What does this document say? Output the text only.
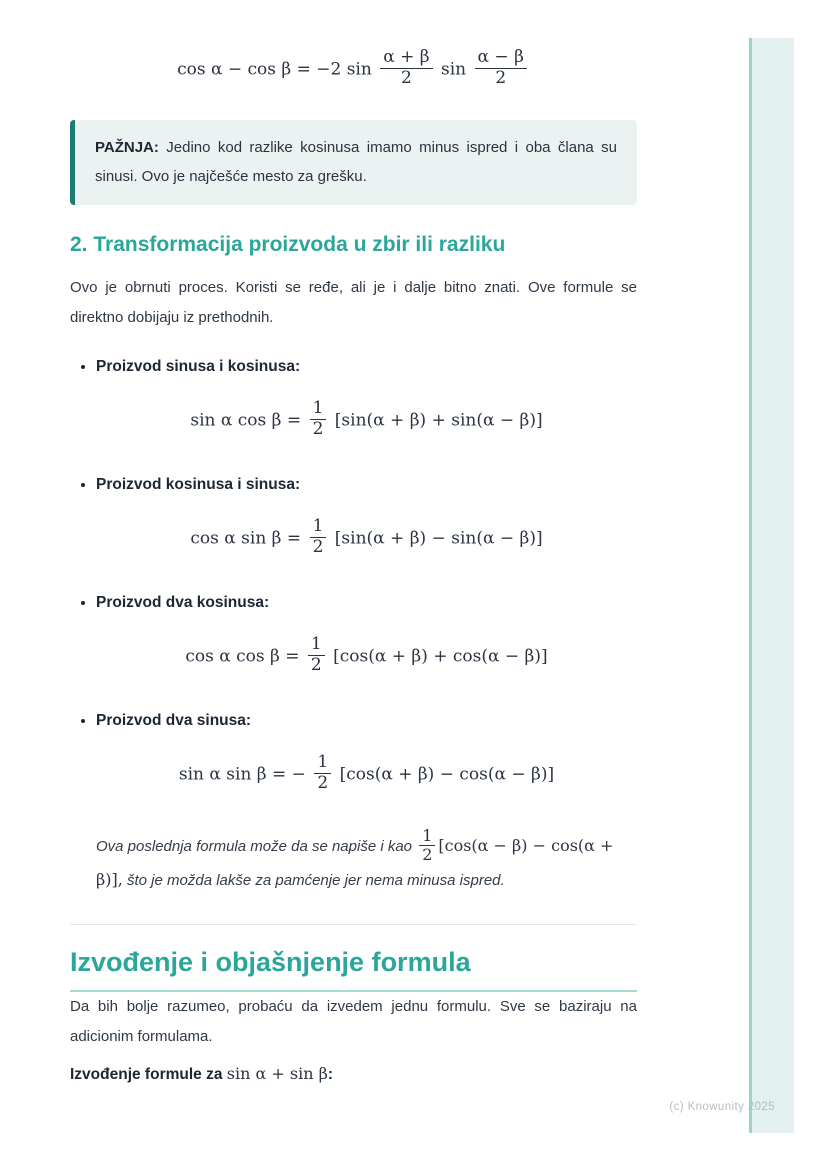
cos α − cos β = −2 $\sin \frac{\alpha + \beta}{2}$ $\sin \frac{\alpha - \beta}{2}$
PAŽNJA: Jedino kod razlike kosinusa imamo minus ispred i oba člana su sinusi. Ovo je najčešće mesto za grešku.
2. Transformacija proizvoda u zbir ili razliku

Ovo je obrnuti proces. Koristi se ređe, ali je i dalje bitno znati. Ove formule se direktno dobijaju iz prethodnih.

• Proizvod sinusa i kosinusa:
sin α $\cos \beta = \frac{1}{2} [\sin(\alpha + \beta) + \sin(\alpha - \beta)]$
• Proizvod kosinusa i sinusa:
cos α $\sin \beta = \frac{1}{2} [\sin(\alpha + \beta) - \sin(\alpha - \beta)]$
• Proizvod dva kosinusa:
cos α $\cos \beta = \frac{1}{2} [\cos(\alpha + \beta) + \cos(\alpha - \beta)]$
• Proizvod dva sinusa:
sin α sin β = − $\frac{1}{2} [\cos(\alpha + \beta) - \cos(\alpha - \beta)]$
Ova poslednja formula može da se napiše i kao $\frac{1}{2} [\cos(\alpha - \beta) - \cos(\alpha + \beta)]$, što je možda lakše za pamćenje jer nema minusa ispred.
Izvođenje i objašnjenje formula

Da bih bolje razumeo, probaću da izvedem jednu formulu. Sve se baziraju na adicionim formulama.

Izvođenje formule za sin α + sin β:
(c) Knowunity 2025
